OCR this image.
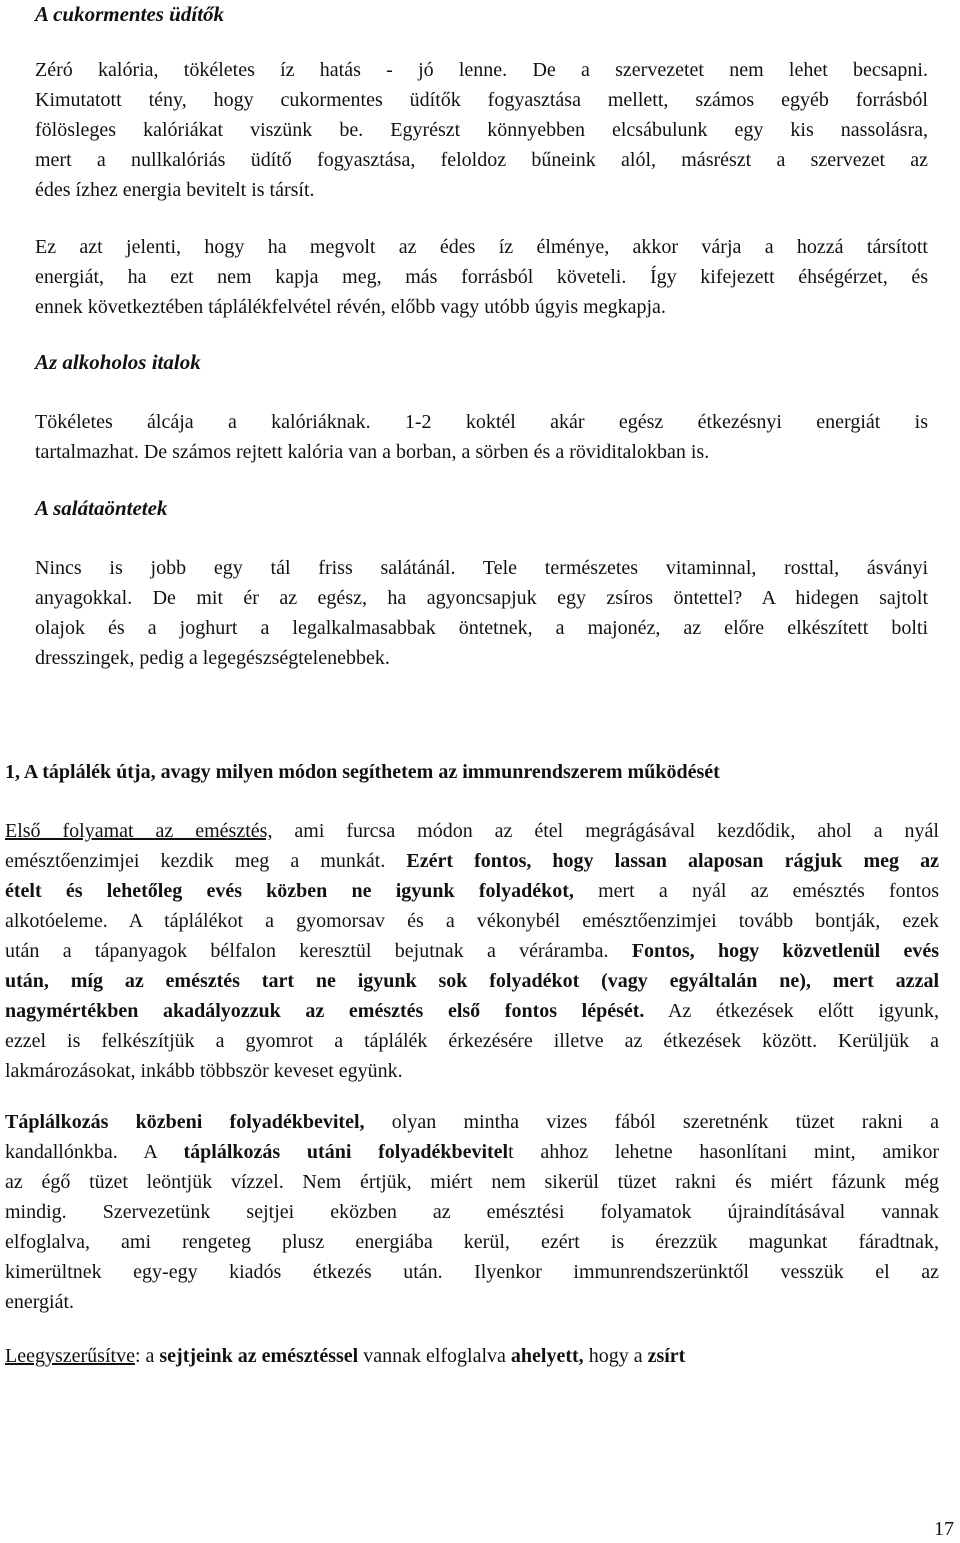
A cukormentes üdítők
Zéró kalória, tökéletes íz hatás - jó lenne. De a szervezetet nem lehet becsapni.
Kimutatott tény, hogy cukormentes üdítők fogyasztása mellett, számos egyéb forrásból
fölösleges kalóriákat viszünk be. Egyrészt könnyebben elcsábulunk egy kis nassolásra,
mert a nullkalóriás üdítő fogyasztása, feloldoz bűneink alól, másrészt a szervezet az
édes ízhez energia bevitelt is társít.
Ez azt jelenti, hogy ha megvolt az édes íz élménye, akkor várja a hozzá társított
energiát, ha ezt nem kapja meg, más forrásból követeli. Így kifejezett éhségérzet, és
ennek következtében táplálékfelvétel révén, előbb vagy utóbb úgyis megkapja.
Az alkoholos italok
Tökéletes álcája a kalóriáknak. 1-2 koktél akár egész étkezésnyi energiát is
tartalmazhat. De számos rejtett kalória van a borban, a sörben és a röviditalokban is.
A salátaöntetek
Nincs is jobb egy tál friss salátánál. Tele természetes vitaminnal, rosttal, ásványi
anyagokkal. De mit ér az egész, ha agyoncsapjuk egy zsíros öntettel? A hidegen sajtolt
olajok és a joghurt a legalkalmasabbak öntetnek, a majonéz, az előre elkészített bolti
dresszingek, pedig a legegészségtelenebbek.
1, A táplálék útja, avagy milyen módon segíthetem az immunrendszerem működését
Első folyamat az emésztés, ami furcsa módon az étel megrágásával kezdődik, ahol a nyál
emésztőenzimjei kezdik meg a munkát. Ezért fontos, hogy lassan alaposan rágjuk meg az
ételt és lehetőleg evés közben ne igyunk folyadékot, mert a nyál az emésztés fontos
alkotóeleme. A táplálékot a gyomorsav és a vékonybél emésztőenzimjei tovább bontják, ezek
után a tápanyagok bélfalon keresztül bejutnak a véráramba. Fontos, hogy közvetlenül evés
után, míg az emésztés tart ne igyunk sok folyadékot (vagy egyáltalán ne), mert azzal
nagymértékben akadályozzuk az emésztés első fontos lépését. Az étkezések előtt igyunk,
ezzel is felkészítjük a gyomrot a táplálék érkezésére illetve az étkezések között. Kerüljük a
lakmározásokat, inkább többször keveset együnk.
Táplálkozás közbeni folyadékbevitel, olyan mintha vizes fából szeretnénk tüzet rakni a
kandallónkba. A táplálkozás utáni folyadékbevitelt ahhoz lehetne hasonlítani mint, amikor
az égő tüzet leöntjük vízzel. Nem értjük, miért nem sikerül tüzet rakni és miért fázunk még
mindig. Szervezetünk sejtjei eközben az emésztési folyamatok újraindításával vannak
elfoglalva, ami rengeteg plusz energiába kerül, ezért is érezzük magunkat fáradtnak,
kimerültnek egy-egy kiadós étkezés után. Ilyenkor immunrendszerünktől vesszük el az
energiát.
Leegyszerűsítve: a sejtjeink az emésztéssel vannak elfoglalva ahelyett, hogy a zsírt
17
